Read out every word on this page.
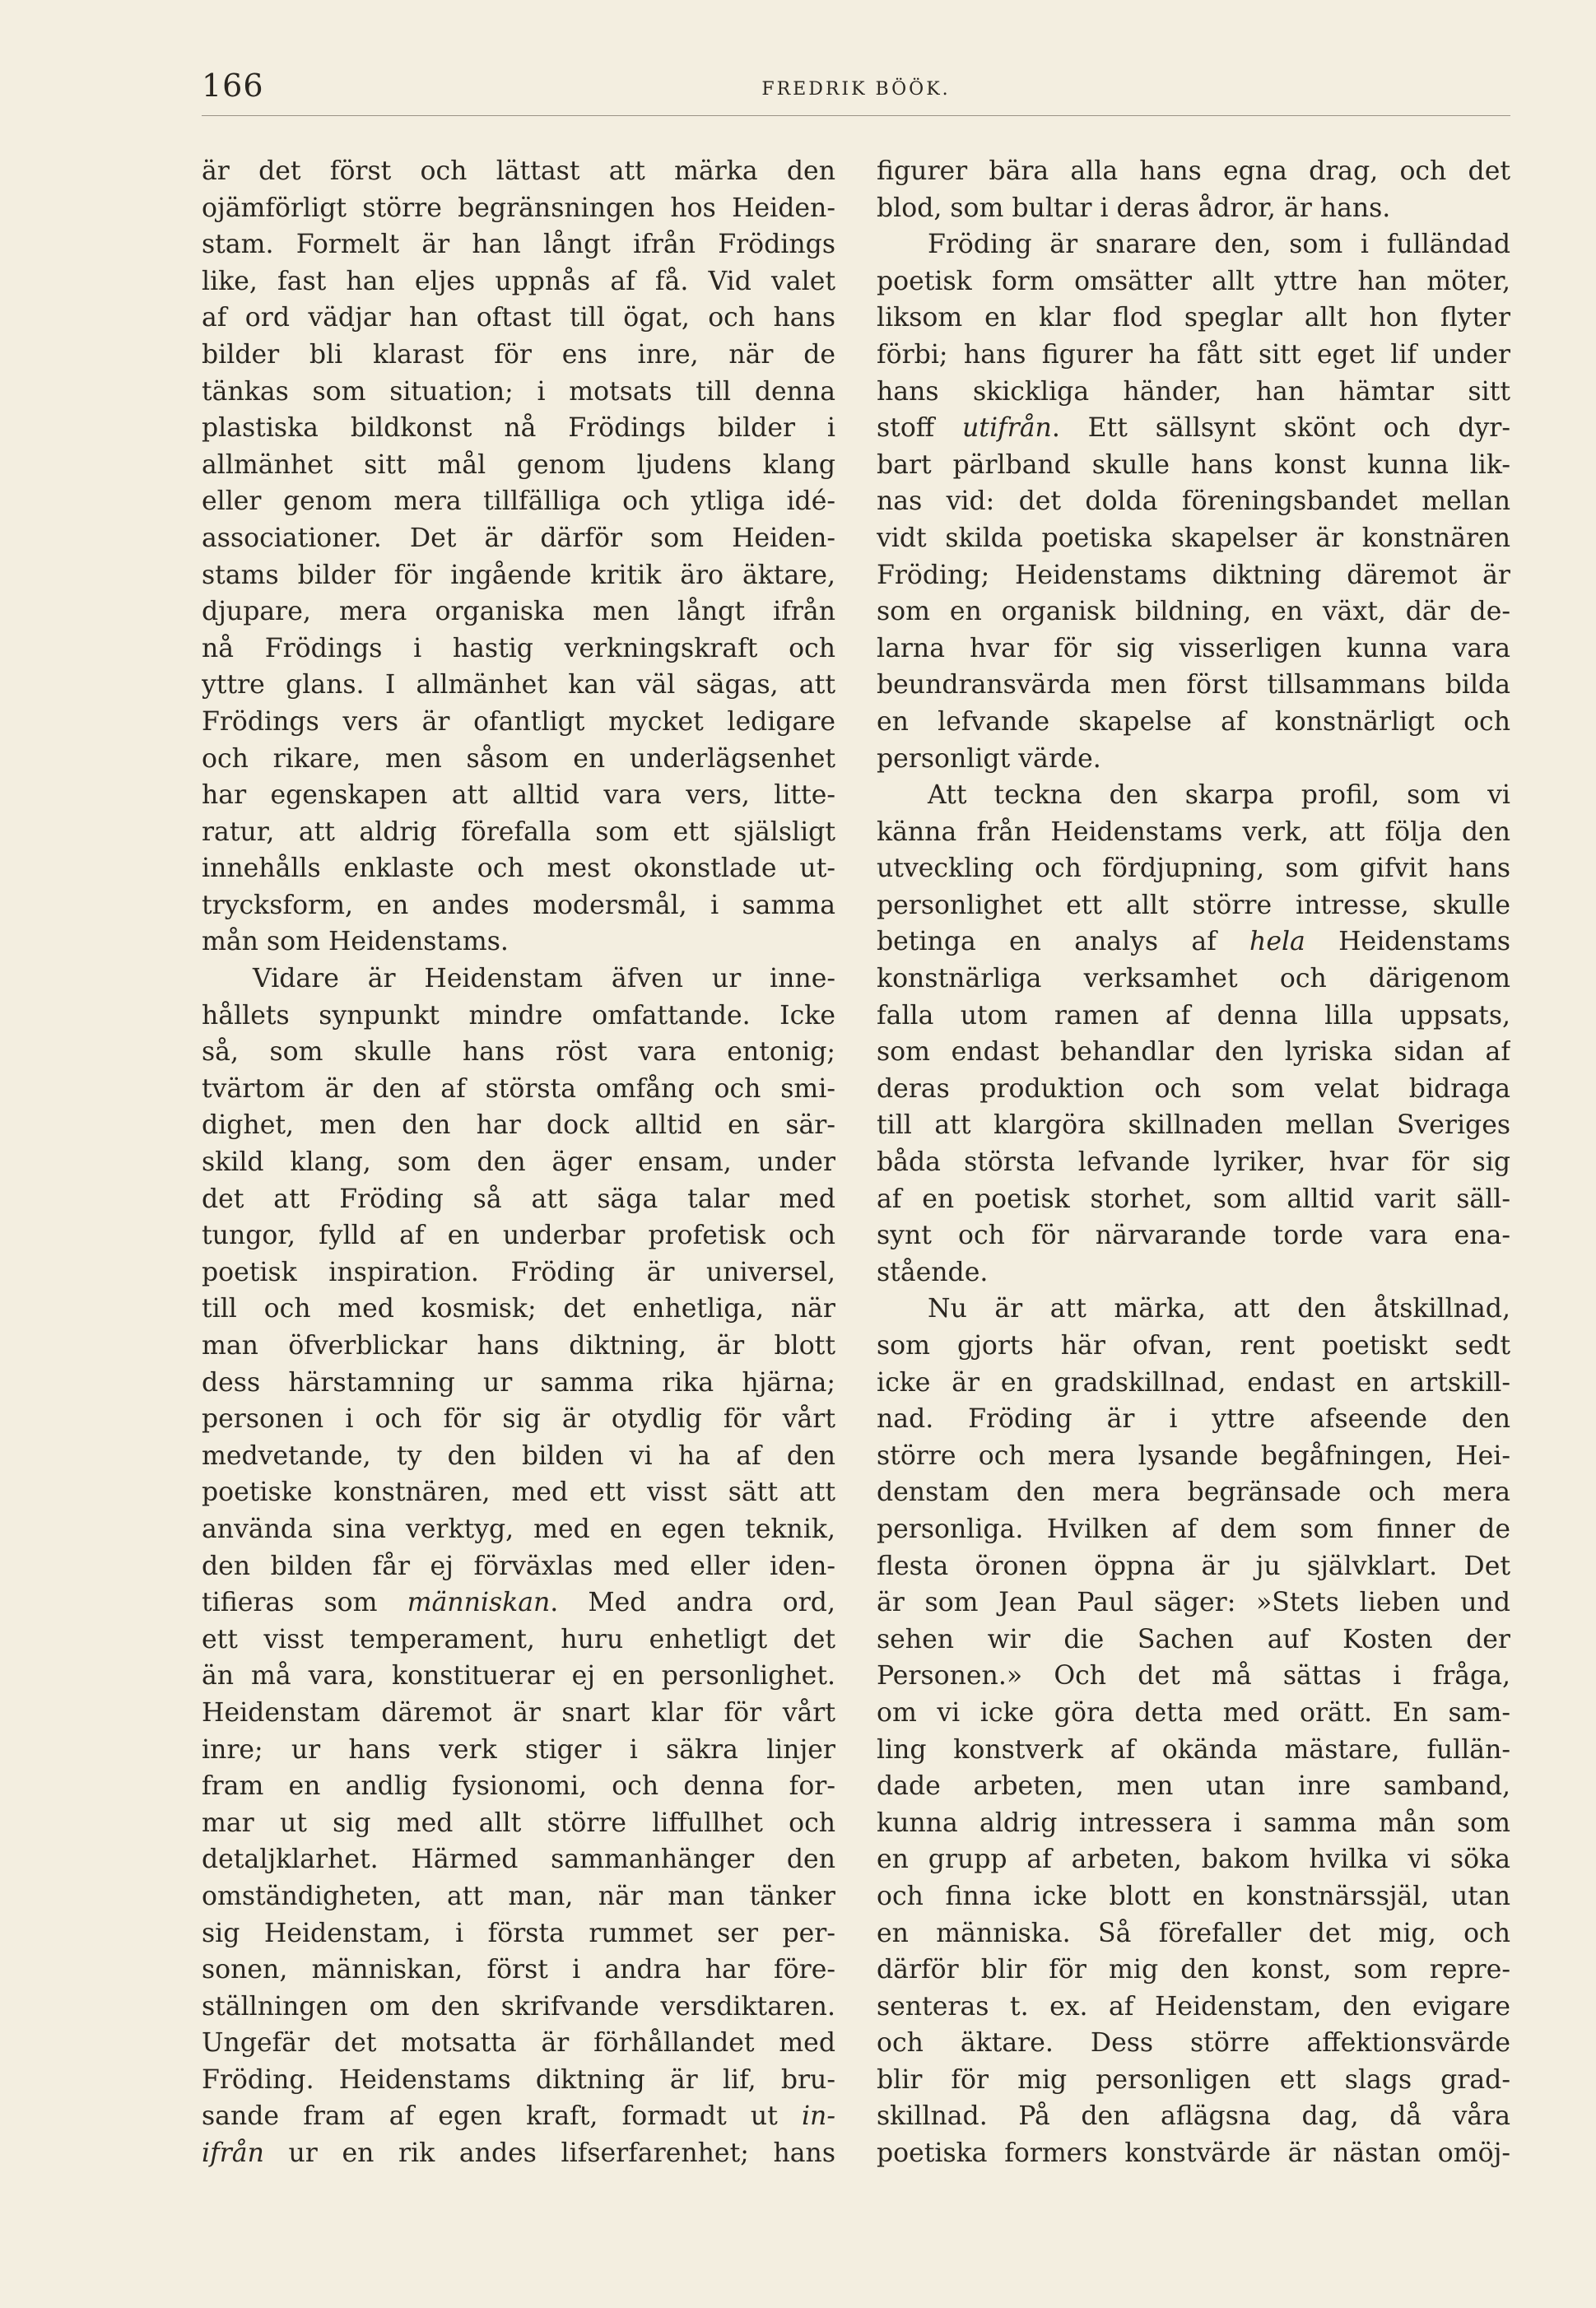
166	FREDRIK BÖÖK.
är det först och lättast att märka den
ojämförligt större begränsningen hos Heiden-
stam. Formelt är han långt ifrån Frödings
like, fast han eljes uppnås af få. Vid valet
af ord vädjar han oftast till ögat, och hans
bilder bli klarast för ens inre, när de
tänkas som situation; i motsats till denna
plastiska bildkonst nå Frödings bilder i
allmänhet sitt mål genom ljudens klang
eller genom mera tillfälliga och ytliga idé-
associationer. Det är därför som Heiden-
stams bilder för ingående kritik äro äktare,
djupare, mera organiska men långt ifrån
nå Frödings i hastig verkningskraft och
yttre glans. I allmänhet kan väl sägas, att
Frödings vers är ofantligt mycket ledigare
och rikare, men såsom en underlägsenhet
har egenskapen att alltid vara vers, litte-
ratur, att aldrig förefalla som ett själsligt
innehålls enklaste och mest okonstlade ut-
trycksform, en andes modersmål, i samma
mån som Heidenstams.
Vidare är Heidenstam äfven ur inne-
hållets synpunkt mindre omfattande. Icke
så, som skulle hans röst vara entonig;
tvärtom är den af största omfång och smi-
dighet, men den har dock alltid en sär-
skild klang, som den äger ensam, under
det att Fröding så att säga talar med
tungor, fylld af en underbar profetisk och
poetisk inspiration. Fröding är universel,
till och med kosmisk; det enhetliga, när
man öfverblickar hans diktning, är blott
dess härstamning ur samma rika hjärna;
personen i och för sig är otydlig för vårt
medvetande, ty den bilden vi ha af den
poetiske konstnären, med ett visst sätt att
använda sina verktyg, med en egen teknik,
den bilden får ej förväxlas med eller iden-
tifieras som människan. Med andra ord,
ett visst temperament, huru enhetligt det
än må vara, konstituerar ej en personlighet.
Heidenstam däremot är snart klar för vårt
inre; ur hans verk stiger i säkra linjer
fram en andlig fysionomi, och denna for-
mar ut sig med allt större liffullhet och
detaljklarhet. Härmed sammanhänger den
omständigheten, att man, när man tänker
sig Heidenstam, i första rummet ser per-
sonen, människan, först i andra har före-
ställningen om den skrifvande versdiktaren.
Ungefär det motsatta är förhållandet med
Fröding. Heidenstams diktning är lif, bru-
sande fram af egen kraft, formadt ut in-
ifrån ur en rik andes lifserfarenhet; hans
figurer bära alla hans egna drag, och det
blod, som bultar i deras ådror, är hans.
Fröding är snarare den, som i fulländad
poetisk form omsätter allt yttre han möter,
liksom en klar flod speglar allt hon flyter
förbi; hans figurer ha fått sitt eget lif under
hans skickliga händer, han hämtar sitt
stoff utifrån. Ett sällsynt skönt och dyr-
bart pärlband skulle hans konst kunna lik-
nas vid: det dolda föreningsbandet mellan
vidt skilda poetiska skapelser är konstnären
Fröding; Heidenstams diktning däremot är
som en organisk bildning, en växt, där de-
larna hvar för sig visserligen kunna vara
beundransvärda men först tillsammans bilda
en lefvande skapelse af konstnärligt och
personligt värde.
Att teckna den skarpa profil, som vi
känna från Heidenstams verk, att följa den
utveckling och fördjupning, som gifvit hans
personlighet ett allt större intresse, skulle
betinga en analys af hela Heidenstams
konstnärliga verksamhet och därigenom
falla utom ramen af denna lilla uppsats,
som endast behandlar den lyriska sidan af
deras produktion och som velat bidraga
till att klargöra skillnaden mellan Sveriges
båda största lefvande lyriker, hvar för sig
af en poetisk storhet, som alltid varit säll-
synt och för närvarande torde vara ena-
stående.
Nu är att märka, att den åtskillnad,
som gjorts här ofvan, rent poetiskt sedt
icke är en gradskillnad, endast en artskill-
nad. Fröding är i yttre afseende den
större och mera lysande begåfningen, Hei-
denstam den mera begränsade och mera
personliga. Hvilken af dem som finner de
flesta öronen öppna är ju självklart. Det
är som Jean Paul säger: »Stets lieben und
sehen wir die Sachen auf Kosten der
Personen.» Och det må sättas i fråga,
om vi icke göra detta med orätt. En sam-
ling konstverk af okända mästare, fullän-
dade arbeten, men utan inre samband,
kunna aldrig intressera i samma mån som
en grupp af arbeten, bakom hvilka vi söka
och finna icke blott en konstnärssjäl, utan
en människa. Så förefaller det mig, och
därför blir för mig den konst, som repre-
senteras t. ex. af Heidenstam, den evigare
och äktare. Dess större affektionsvärde
blir för mig personligen ett slags grad-
skillnad. På den aflägsna dag, då våra
poetiska formers konstvärde är nästan omöj-
